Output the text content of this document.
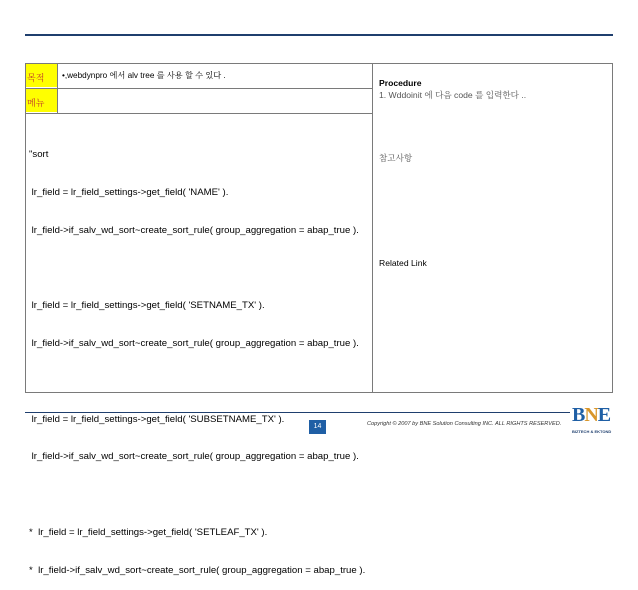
목적 •,webdynpro 에서 alv tree 를 사용 할 수 있다 .
메뉴

"sort

lr_field = lr_field_settings->get_field( 'NAME' ).

lr_field->if_salv_wd_sort~create_sort_rule( group_aggregation = abap_true ).

lr_field = lr_field_settings->get_field( 'SETNAME_TX' ).

lr_field->if_salv_wd_sort~create_sort_rule( group_aggregation = abap_true ).

lr_field = lr_field_settings->get_field( 'SUBSETNAME_TX' ).

lr_field->if_salv_wd_sort~create_sort_rule( group_aggregation = abap_true ).

*  lr_field = lr_field_settings->get_field( 'SETLEAF_TX' ).

*  lr_field->if_salv_wd_sort~create_sort_rule( group_aggregation = abap_true ).

Procedure
1. Wddoinit 에 다음 code 를 입력한다 ..
참고사항
Related Link
14	Copyright © 2007 by BNE Solution Consulting INC. ALL RIGHTS RESERVED. BNE
BIZTECH & EKTOND
